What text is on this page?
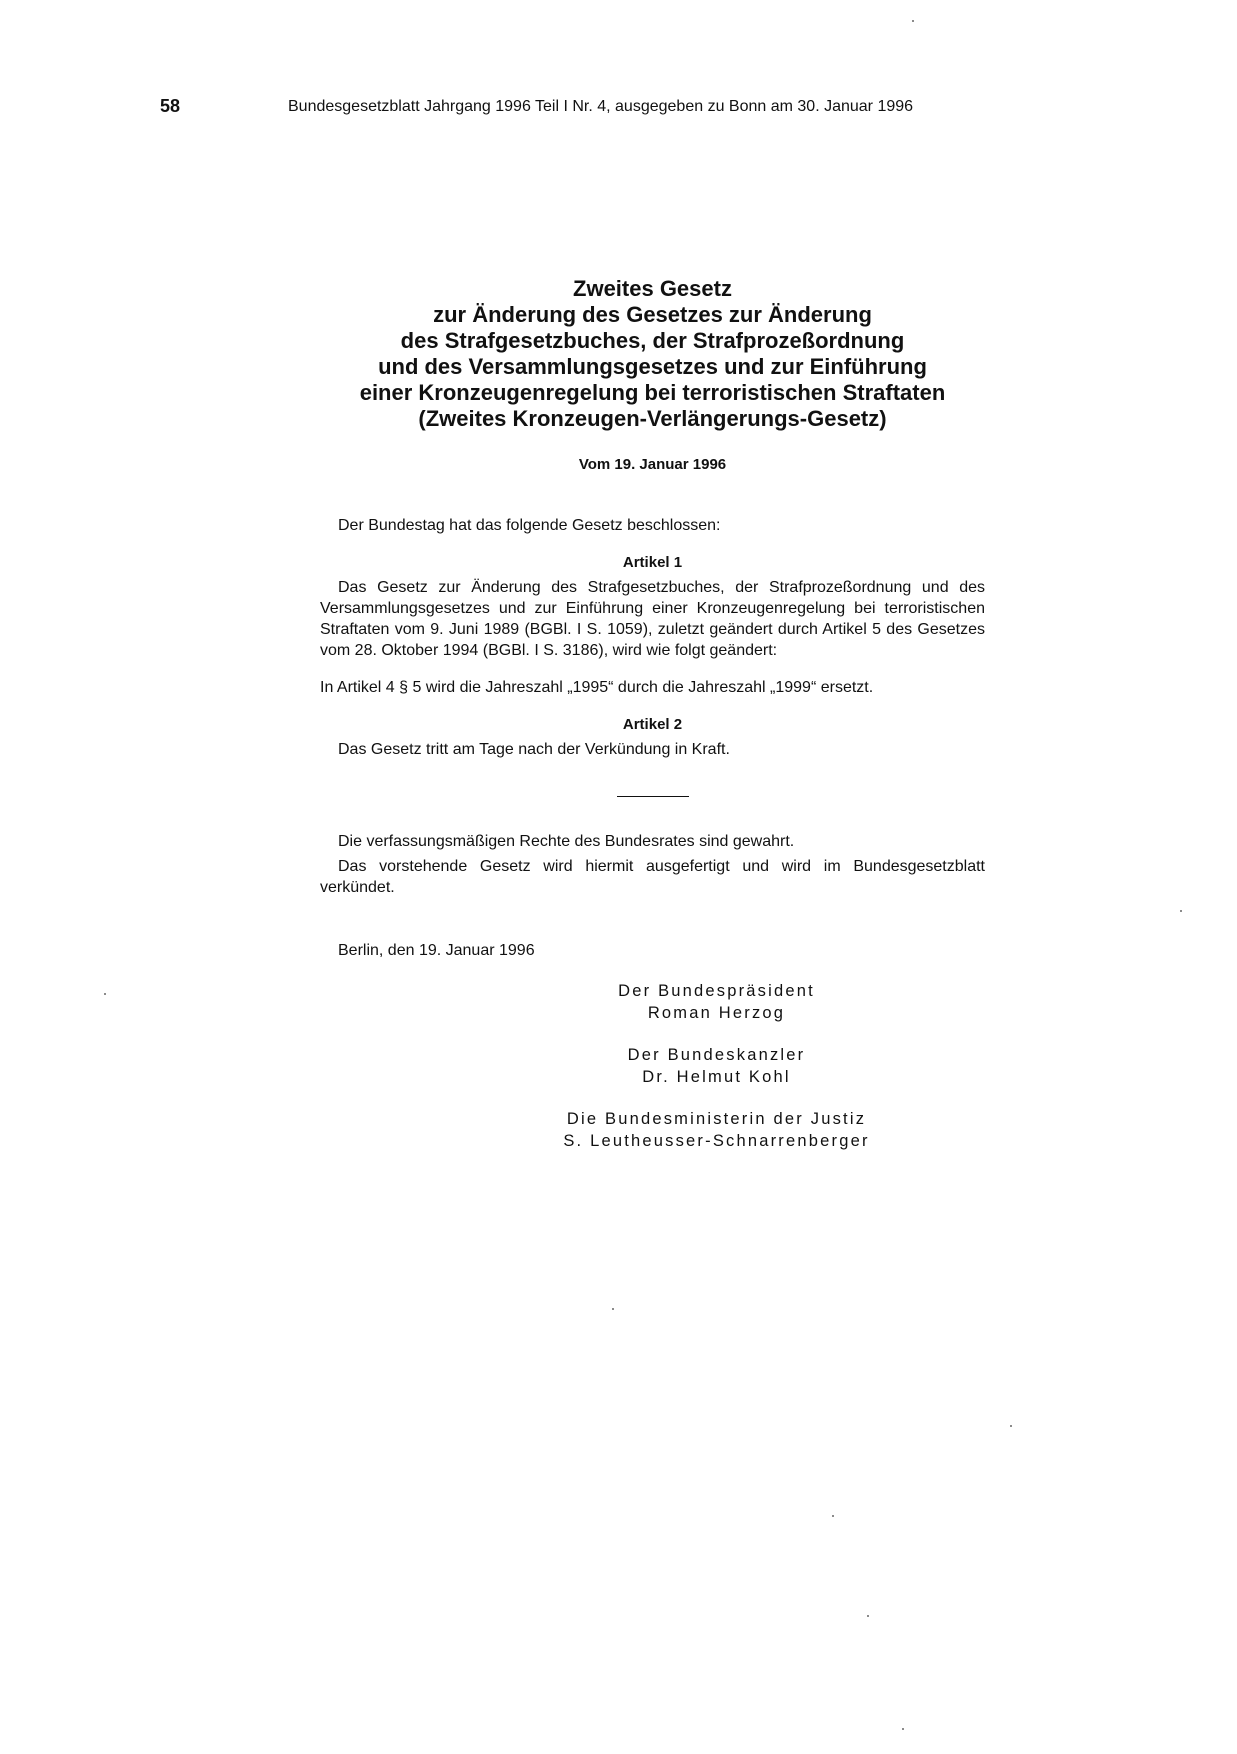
58	Bundesgesetzblatt Jahrgang 1996 Teil I Nr. 4, ausgegeben zu Bonn am 30. Januar 1996
Zweites Gesetz
zur Änderung des Gesetzes zur Änderung
des Strafgesetzbuches, der Strafprozeßordnung
und des Versammlungsgesetzes und zur Einführung
einer Kronzeugenregelung bei terroristischen Straftaten
(Zweites Kronzeugen-Verlängerungs-Gesetz)
Vom 19. Januar 1996

Der Bundestag hat das folgende Gesetz beschlossen:

Artikel 1

Das Gesetz zur Änderung des Strafgesetzbuches, der Strafprozeßordnung und des Versammlungsgesetzes und zur Einführung einer Kronzeugenregelung bei terroristischen Straftaten vom 9. Juni 1989 (BGBl. I S. 1059), zuletzt geändert durch Artikel 5 des Gesetzes vom 28. Oktober 1994 (BGBl. I S. 3186), wird wie folgt geändert:

In Artikel 4 § 5 wird die Jahreszahl „1995“ durch die Jahreszahl „1999“ ersetzt.

Artikel 2

Das Gesetz tritt am Tage nach der Verkündung in Kraft.

Die verfassungsmäßigen Rechte des Bundesrates sind gewahrt.

Das vorstehende Gesetz wird hiermit ausgefertigt und wird im Bundesgesetzblatt verkündet.

Berlin, den 19. Januar 1996
Der Bundespräsident
Roman Herzog
Der Bundeskanzler
Dr. Helmut Kohl
Die Bundesministerin der Justiz
S. Leutheusser-Schnarrenberger
